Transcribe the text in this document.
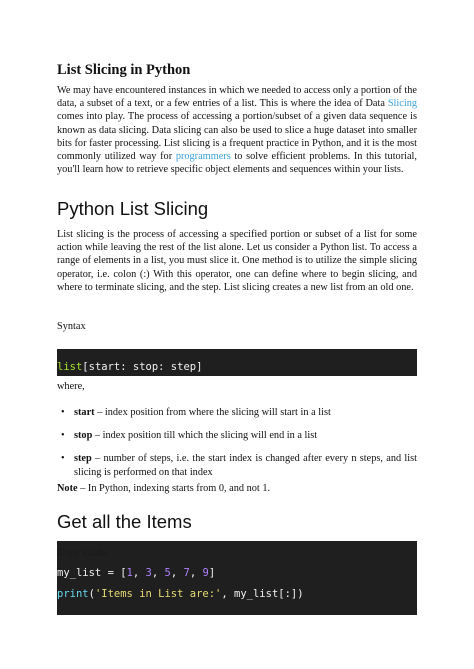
List Slicing in Python
We may have encountered instances in which we needed to access only a portion of the data, a subset of a text, or a few entries of a list. This is where the idea of Data Slicing comes into play. The process of accessing a portion/subset of a given data sequence is known as data slicing. Data slicing can also be used to slice a huge dataset into smaller bits for faster processing. List slicing is a frequent practice in Python, and it is the most commonly utilized way for programmers to solve efficient problems. In this tutorial, you'll learn how to retrieve specific object elements and sequences within your lists.
Python List Slicing
List slicing is the process of accessing a specified portion or subset of a list for some action while leaving the rest of the list alone. Let us consider a Python list. To access a range of elements in a list, you must slice it. One method is to utilize the simple slicing operator, i.e. colon (:) With this operator, one can define where to begin slicing, and where to terminate slicing, and the step. List slicing creates a new list from an old one.
Syntax
list[start: stop: step]
where,
• start – index position from where the slicing will start in a list
• stop – index position till which the slicing will end in a list
• step – number of steps, i.e. the start index is changed after every n steps, and list slicing is performed on that index
Note – In Python, indexing starts from 0, and not 1.
Get all the Items
Copy Code
my_list = [1, 3, 5, 7, 9]
print('Items in List are:', my_list[:])
